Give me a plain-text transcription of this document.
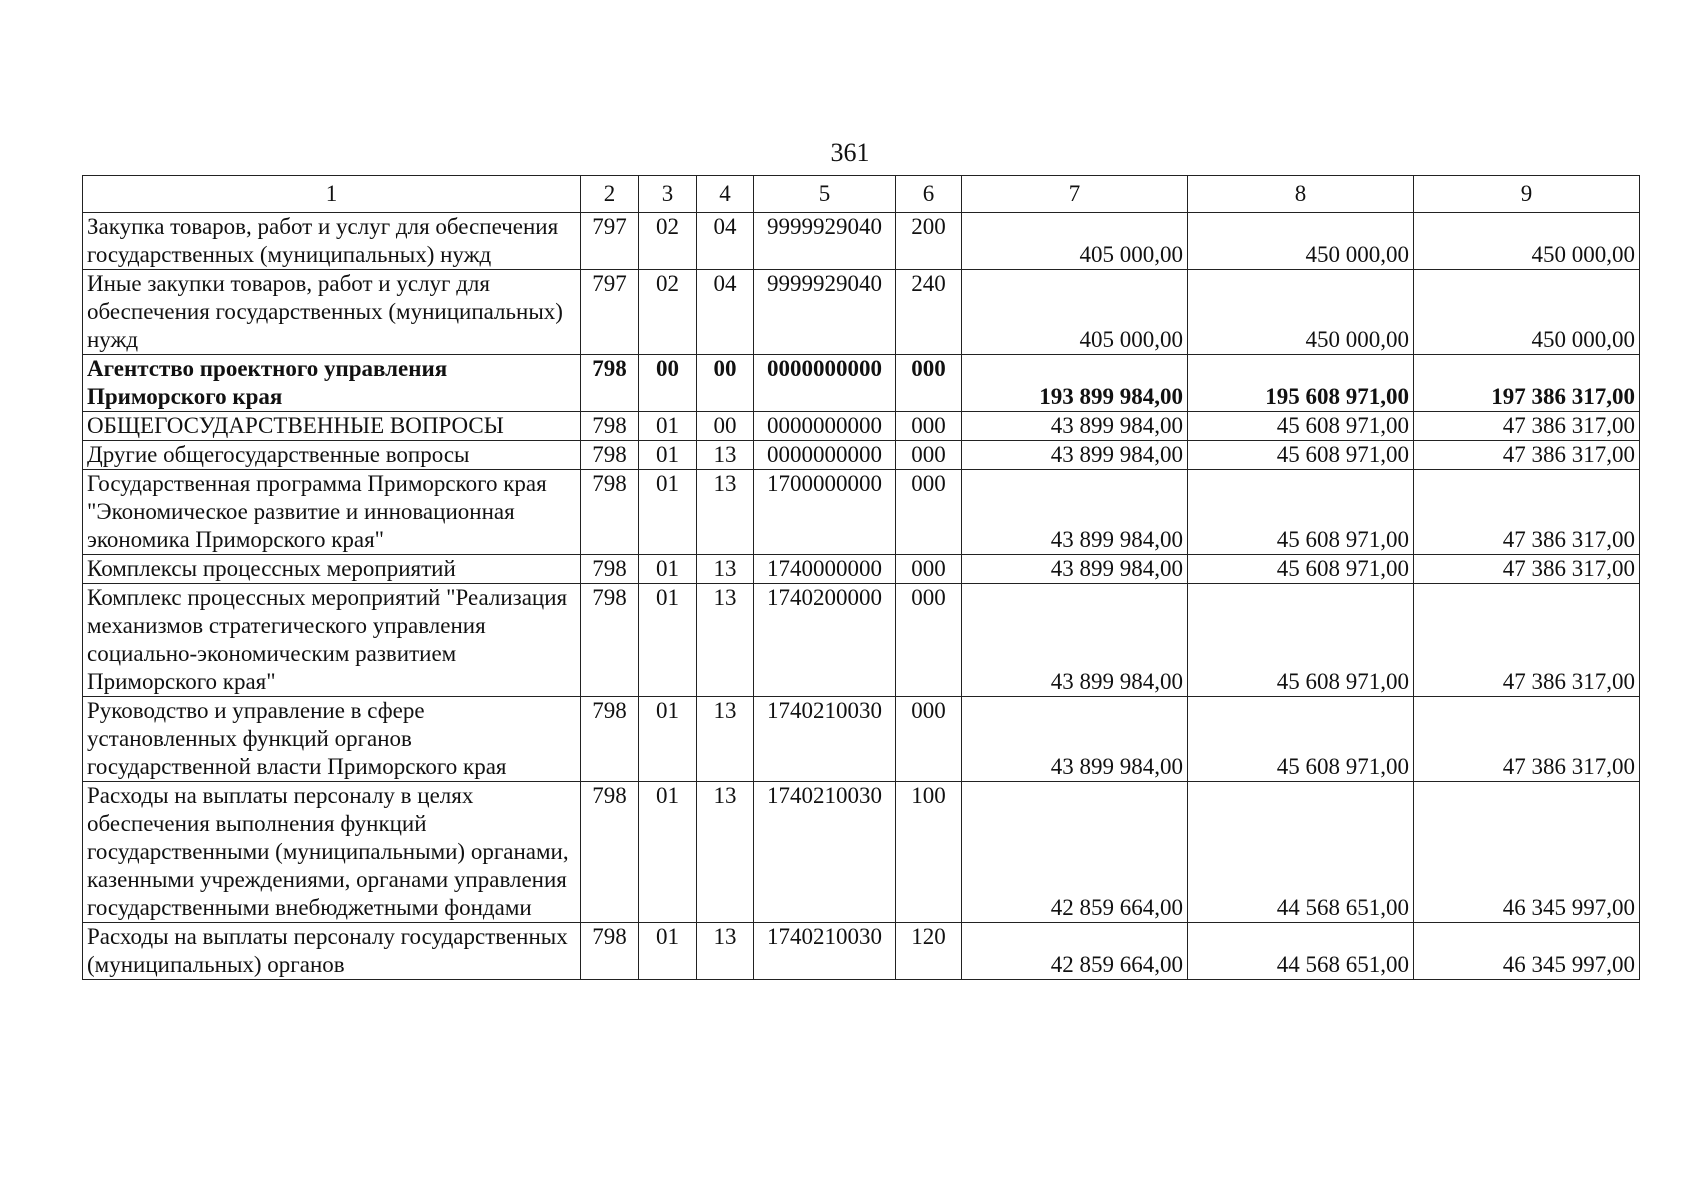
361
1	2	3	4	5	6	7	8	9
Закупка товаров, работ и услуг для обеспечения государственных (муниципальных) нужд	797	02	04	9999929040	200	405 000,00	450 000,00	450 000,00
Иные закупки товаров, работ и услуг для обеспечения государственных (муниципальных) нужд	797	02	04	9999929040	240	405 000,00	450 000,00	450 000,00
Агентство проектного управления Приморского края	798	00	00	0000000000	000	193 899 984,00	195 608 971,00	197 386 317,00
ОБЩЕГОСУДАРСТВЕННЫЕ ВОПРОСЫ	798	01	00	0000000000	000	43 899 984,00	45 608 971,00	47 386 317,00
Другие общегосударственные вопросы	798	01	13	0000000000	000	43 899 984,00	45 608 971,00	47 386 317,00
Государственная программа Приморского края "Экономическое развитие и инновационная экономика Приморского края"	798	01	13	1700000000	000	43 899 984,00	45 608 971,00	47 386 317,00
Комплексы процессных мероприятий	798	01	13	1740000000	000	43 899 984,00	45 608 971,00	47 386 317,00
Комплекс процессных мероприятий "Реализация механизмов стратегического управления социально-экономическим развитием Приморского края"	798	01	13	1740200000	000	43 899 984,00	45 608 971,00	47 386 317,00
Руководство и управление в сфере установленных функций органов государственной власти Приморского края	798	01	13	1740210030	000	43 899 984,00	45 608 971,00	47 386 317,00
Расходы на выплаты персоналу в целях обеспечения выполнения функций государственными (муниципальными) органами, казенными учреждениями, органами управления государственными внебюджетными фондами	798	01	13	1740210030	100	42 859 664,00	44 568 651,00	46 345 997,00
Расходы на выплаты персоналу государственных (муниципальных) органов	798	01	13	1740210030	120	42 859 664,00	44 568 651,00	46 345 997,00
